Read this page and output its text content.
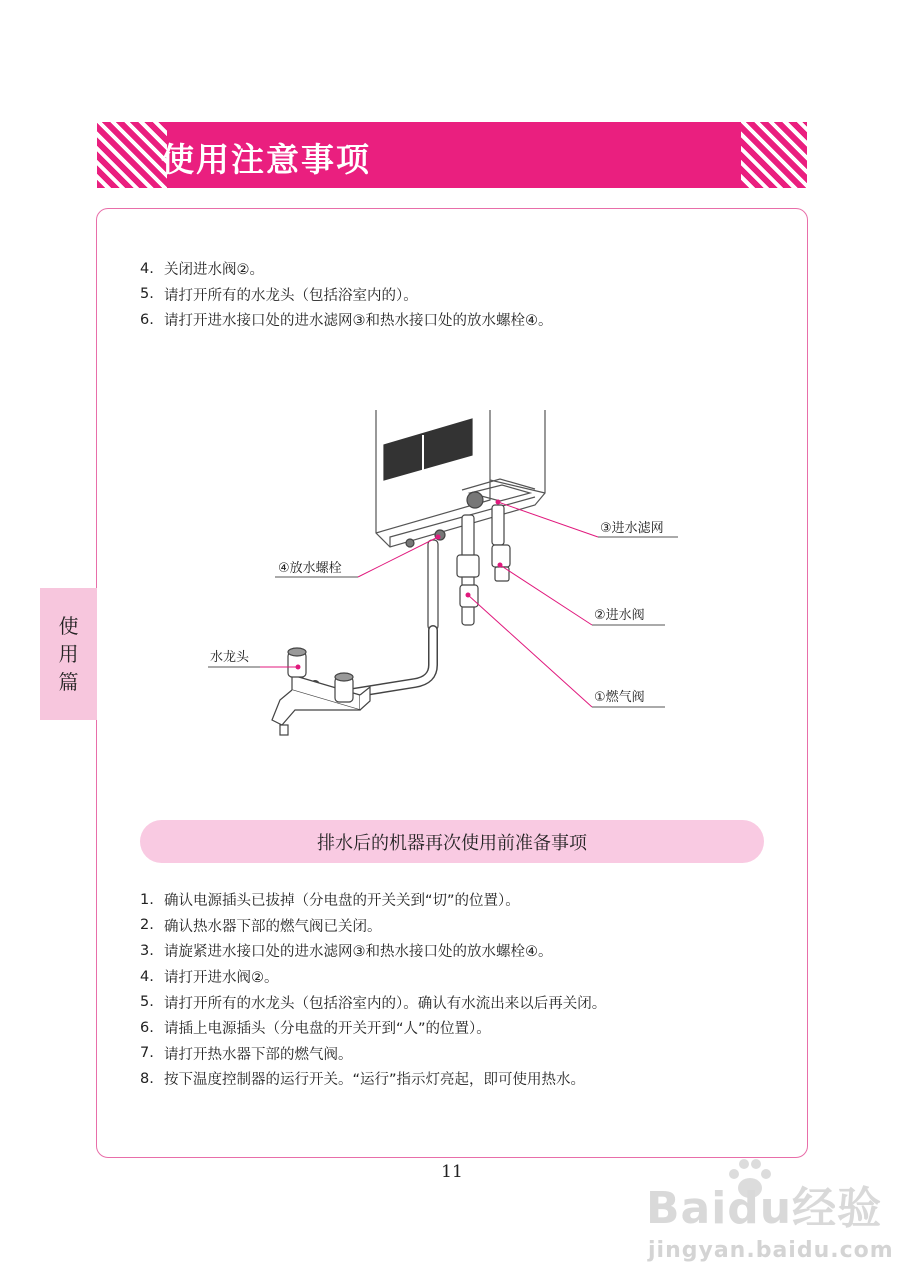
使用注意事项
使
用
篇
4. 关闭进水阀②。
5. 请打开所有的水龙头（包括浴室内的）。
6. 请打开进水接口处的进水滤网③和热水接口处的放水螺栓④。
③进水滤网
④放水螺栓
②进水阀
水龙头
①燃气阀
排水后的机器再次使用前准备事项
1. 确认电源插头已拔掉（分电盘的开关关到“切”的位置）。
2. 确认热水器下部的燃气阀已关闭。
3. 请旋紧进水接口处的进水滤网③和热水接口处的放水螺栓④。
4. 请打开进水阀②。
5. 请打开所有的水龙头（包括浴室内的）。确认有水流出来以后再关闭。
6. 请插上电源插头（分电盘的开关开到“人”的位置）。
7. 请打开热水器下部的燃气阀。
8. 按下温度控制器的运行开关。“运行”指示灯亮起，即可使用热水。
11
Baidu经验
jingyan.baidu.com
